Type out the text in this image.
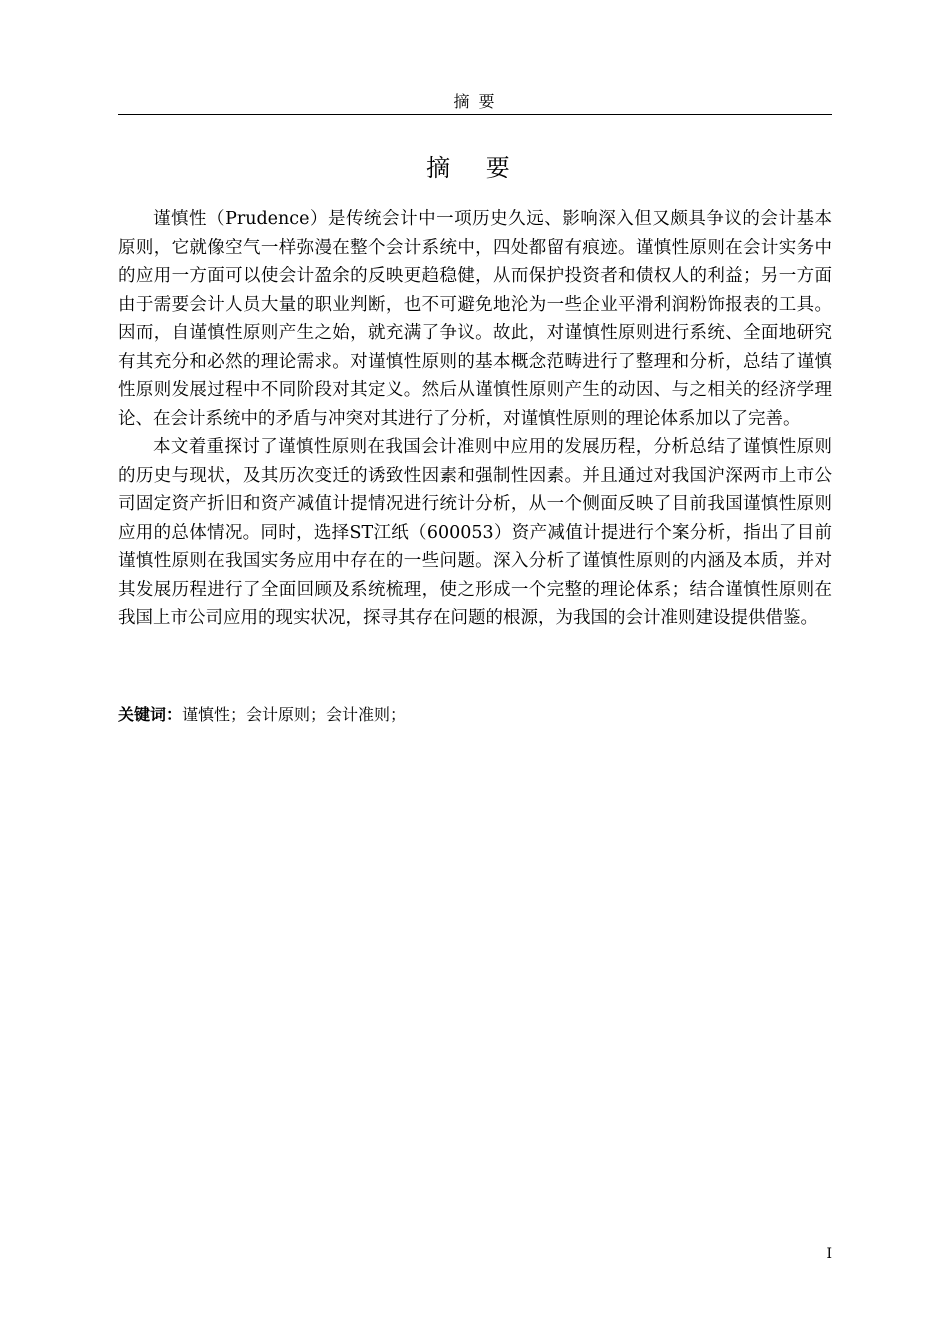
摘 要
摘 要

谨慎性（Prudence）是传统会计中一项历史久远、影响深入但又颇具争议的会计基本原则，它就像空气一样弥漫在整个会计系统中，四处都留有痕迹。谨慎性原则在会计实务中的应用一方面可以使会计盈余的反映更趋稳健，从而保护投资者和债权人的利益；另一方面由于需要会计人员大量的职业判断，也不可避免地沦为一些企业平滑利润粉饰报表的工具。因而，自谨慎性原则产生之始，就充满了争议。故此，对谨慎性原则进行系统、全面地研究有其充分和必然的理论需求。对谨慎性原则的基本概念范畴进行了整理和分析，总结了谨慎性原则发展过程中不同阶段对其定义。然后从谨慎性原则产生的动因、与之相关的经济学理论、在会计系统中的矛盾与冲突对其进行了分析，对谨慎性原则的理论体系加以了完善。

本文着重探讨了谨慎性原则在我国会计准则中应用的发展历程，分析总结了谨慎性原则的历史与现状，及其历次变迁的诱致性因素和强制性因素。并且通过对我国沪深两市上市公司固定资产折旧和资产减值计提情况进行统计分析，从一个侧面反映了目前我国谨慎性原则应用的总体情况。同时，选择ST江纸（600053）资产减值计提进行个案分析，指出了目前谨慎性原则在我国实务应用中存在的一些问题。深入分析了谨慎性原则的内涵及本质，并对其发展历程进行了全面回顾及系统梳理，使之形成一个完整的理论体系；结合谨慎性原则在我国上市公司应用的现实状况，探寻其存在问题的根源，为我国的会计准则建设提供借鉴。

关键词：谨慎性；会计原则；会计准则；
I
